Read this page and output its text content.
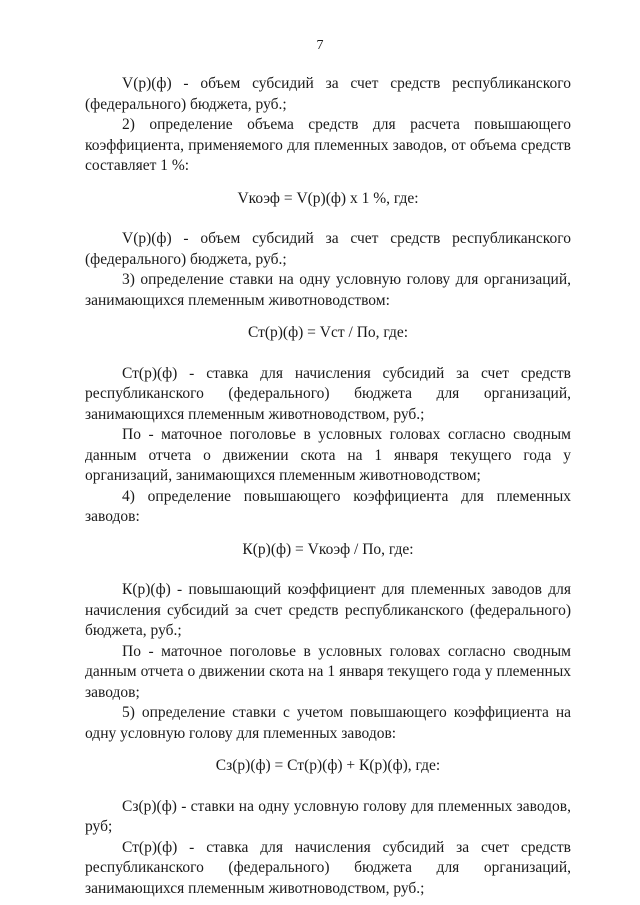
7

V(р)(ф) - объем субсидий за счет средств республиканского (федерального) бюджета, руб.;

2) определение объема средств для расчета повышающего коэффициента, применяемого для племенных заводов, от объема средств составляет 1 %:

Vкоэф = V(р)(ф) х 1 %, где:

V(р)(ф) - объем субсидий за счет средств республиканского (федерального) бюджета, руб.;

3) определение ставки на одну условную голову для организаций, занимающихся племенным животноводством:

Ст(р)(ф) = Vст / По, где:

Ст(р)(ф) - ставка для начисления субсидий за счет средств республиканского (федерального) бюджета для организаций, занимающихся племенным животноводством, руб.;

По - маточное поголовье в условных головах согласно сводным данным отчета о движении скота на 1 января текущего года у организаций, занимающихся племенным животноводством;

4) определение повышающего коэффициента для племенных заводов:

К(р)(ф) = Vкоэф / По, где:

К(р)(ф) - повышающий коэффициент для племенных заводов для начисления субсидий за счет средств республиканского (федерального) бюджета, руб.;

По - маточное поголовье в условных головах согласно сводным данным отчета о движении скота на 1 января текущего года у племенных заводов;

5) определение ставки с учетом повышающего коэффициента на одну условную голову для племенных заводов:

Сз(р)(ф) = Ст(р)(ф) + К(р)(ф), где:

Сз(р)(ф) - ставки на одну условную голову для племенных заводов, руб;

Ст(р)(ф) - ставка для начисления субсидий за счет средств республиканского (федерального) бюджета для организаций, занимающихся племенным животноводством, руб.;
